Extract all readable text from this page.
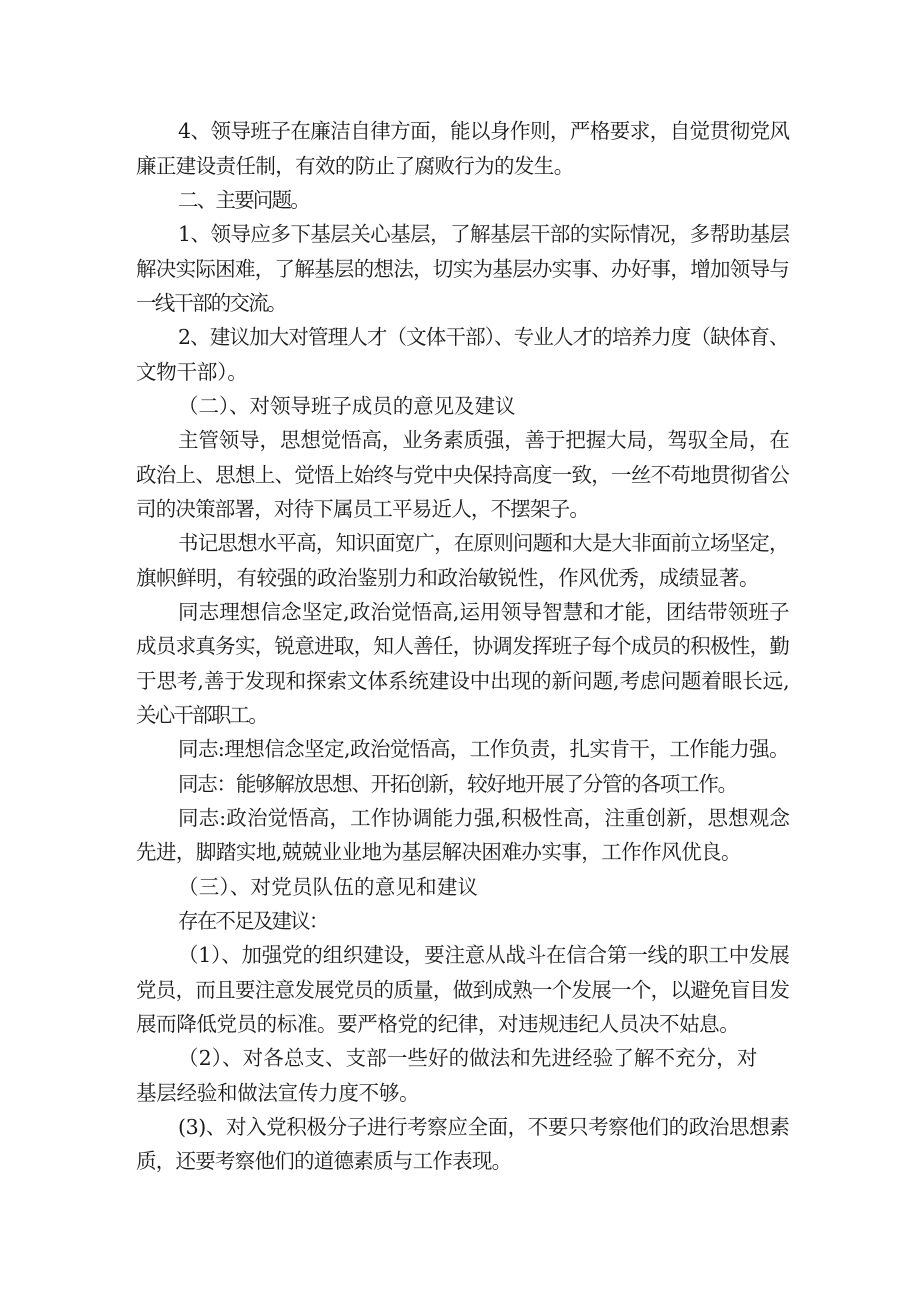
4、领导班子在廉洁自律方面，能以身作则，严格要求，自觉贯彻党风
廉正建设责任制，有效的防止了腐败行为的发生。
二、主要问题。
1、领导应多下基层关心基层，了解基层干部的实际情况，多帮助基层
解决实际困难，了解基层的想法，切实为基层办实事、办好事，增加领导与
一线干部的交流。
2、建议加大对管理人才（文体干部）、专业人才的培养力度（缺体育、
文物干部）。
（二）、对领导班子成员的意见及建议
主管领导，思想觉悟高，业务素质强，善于把握大局，驾驭全局，在
政治上、思想上、觉悟上始终与党中央保持高度一致，一丝不苟地贯彻省公
司的决策部署，对待下属员工平易近人，不摆架子。
书记思想水平高，知识面宽广，在原则问题和大是大非面前立场坚定，
旗帜鲜明，有较强的政治鉴别力和政治敏锐性，作风优秀，成绩显著。
同志理想信念坚定,政治觉悟高,运用领导智慧和才能，团结带领班子
成员求真务实，锐意进取，知人善任，协调发挥班子每个成员的积极性，勤
于思考,善于发现和探索文体系统建设中出现的新问题,考虑问题着眼长远,
关心干部职工。
同志:理想信念坚定,政治觉悟高，工作负责，扎实肯干，工作能力强。
同志：能够解放思想、开拓创新，较好地开展了分管的各项工作。
同志:政治觉悟高，工作协调能力强,积极性高，注重创新，思想观念
先进，脚踏实地,兢兢业业地为基层解决困难办实事，工作作风优良。
（三）、对党员队伍的意见和建议
存在不足及建议：
（1）、加强党的组织建设，要注意从战斗在信合第一线的职工中发展
党员，而且要注意发展党员的质量，做到成熟一个发展一个，以避免盲目发
展而降低党员的标准。要严格党的纪律，对违规违纪人员决不姑息。
（2）、对各总支、支部一些好的做法和先进经验了解不充分，对
基层经验和做法宣传力度不够。
(3)、对入党积极分子进行考察应全面，不要只考察他们的政治思想素
质，还要考察他们的道德素质与工作表现。
